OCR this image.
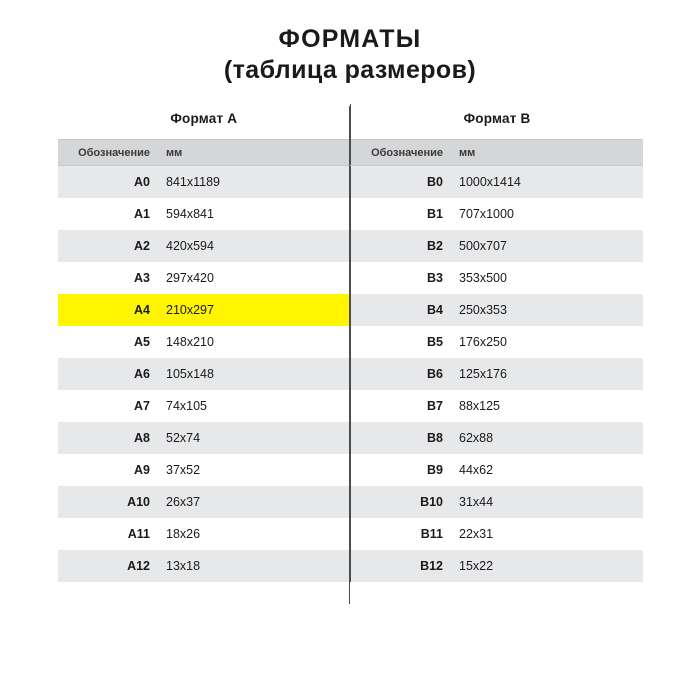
ФОРМАТЫ
(таблица размеров)
Формат А		Формат В	
Обозначение	мм		Обозначение	мм
A0	841x1189		B0	1000x1414
A1	594x841		B1	707x1000
A2	420x594		B2	500x707
A3	297x420		B3	353x500
A4	210x297		B4	250x353
A5	148x210		B5	176x250
A6	105x148		B6	125x176
A7	74x105		B7	88x125
A8	52x74		B8	62x88
A9	37x52		B9	44x62
A10	26x37		B10	31x44
A11	18x26		B11	22x31
A12	13x18		B12	15x22
